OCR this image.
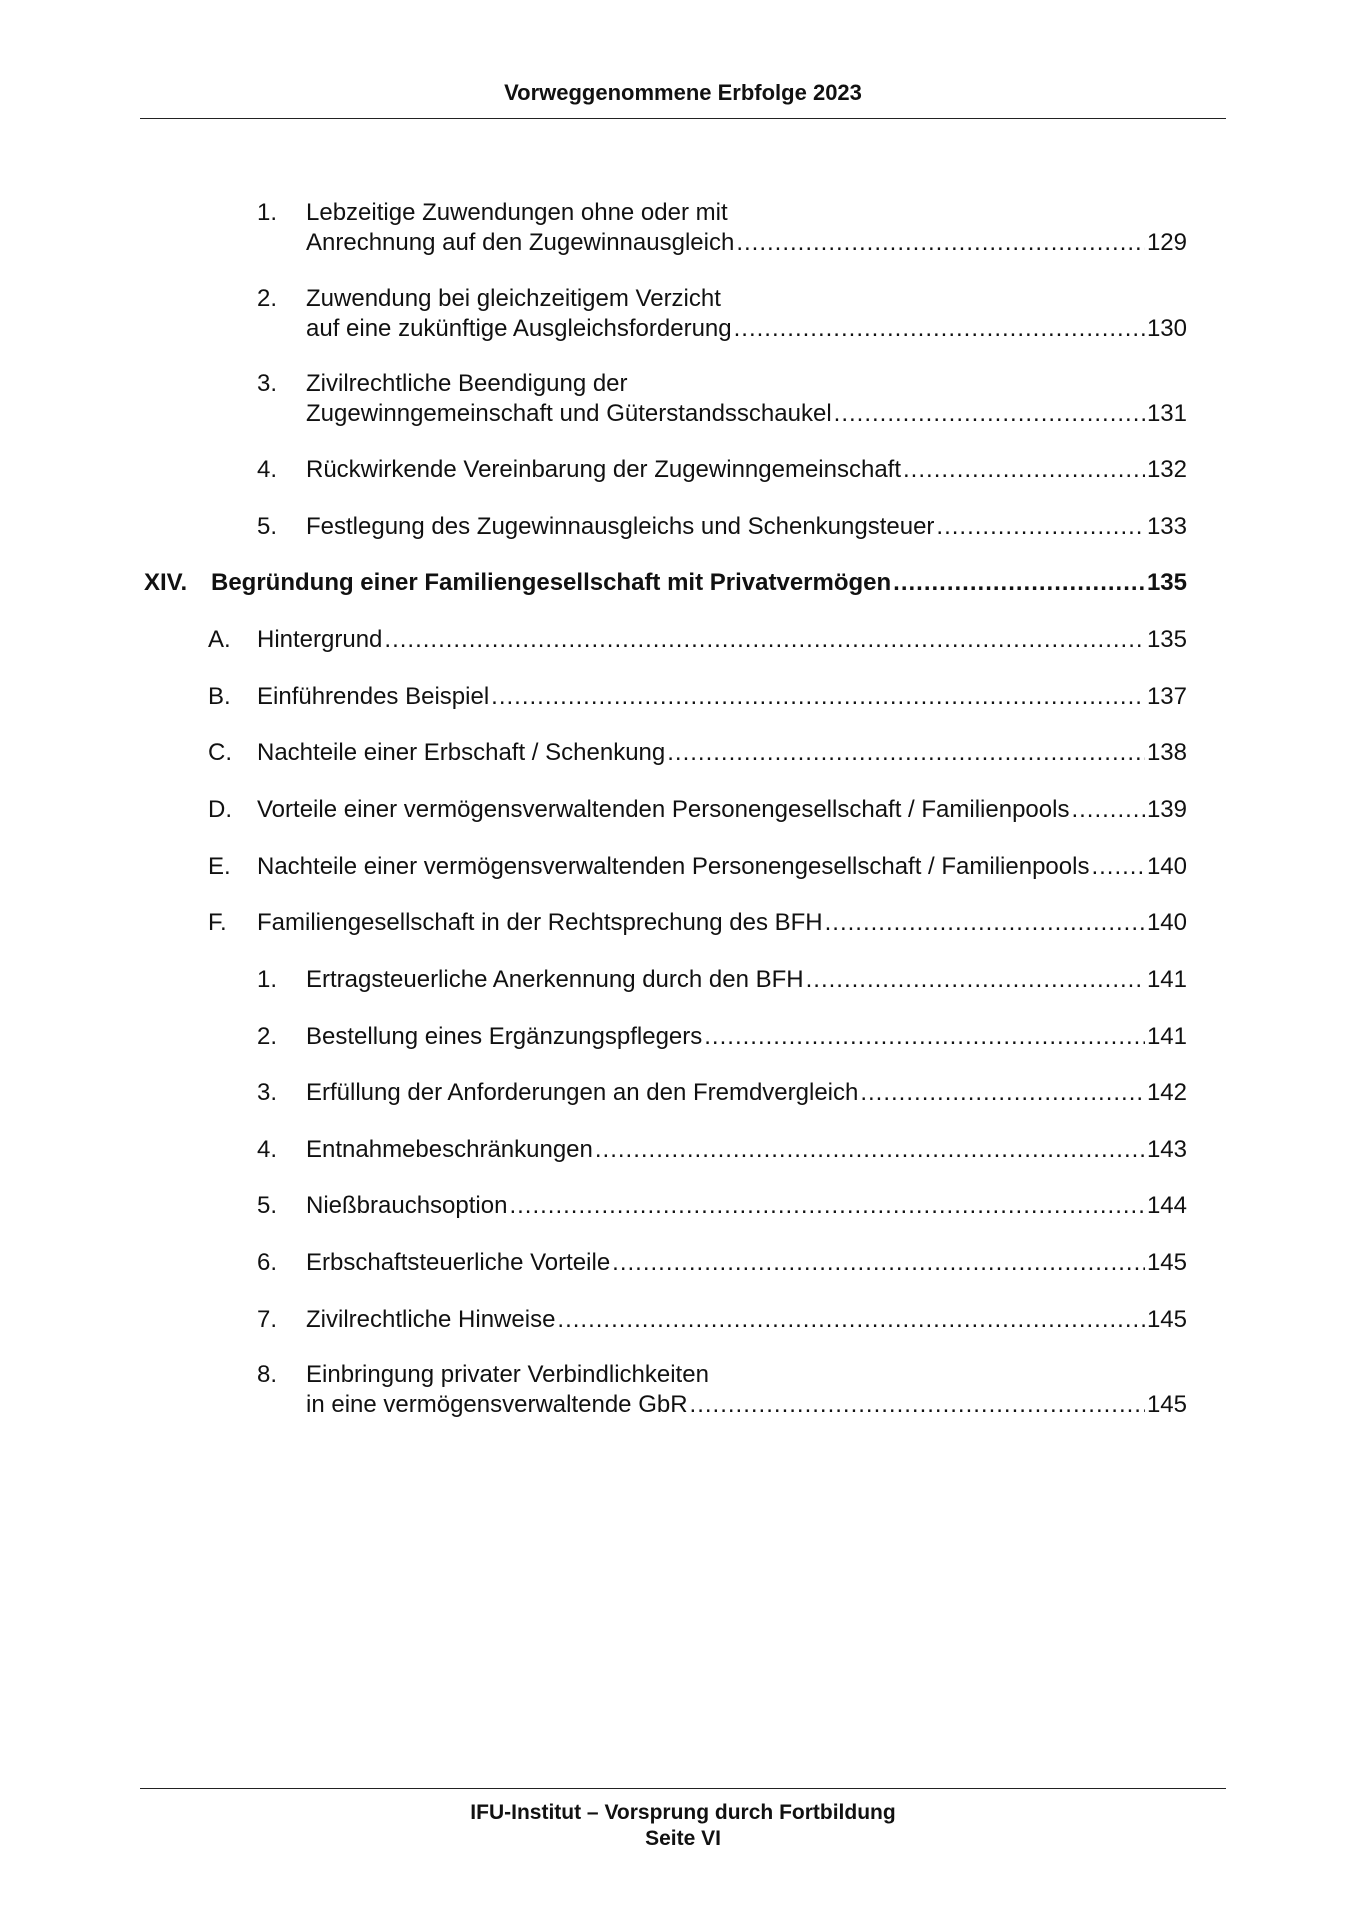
Vorweggenommene Erbfolge 2023
1. Lebzeitige Zuwendungen ohne oder mit
Anrechnung auf den Zugewinnausgleich .....	129
2. Zuwendung bei gleichzeitigem Verzicht
auf eine zukünftige Ausgleichsforderung .....	130
3. Zivilrechtliche Beendigung der
Zugewinngemeinschaft und Güterstandsschaukel .....	131
4. Rückwirkende Vereinbarung der Zugewinngemeinschaft .....	132
5. Festlegung des Zugewinnausgleichs und Schenkungsteuer .....	133
XIV. Begründung einer Familiengesellschaft mit Privatvermögen .....	135
A. Hintergrund .....	135
B. Einführendes Beispiel .....	137
C. Nachteile einer Erbschaft / Schenkung .....	138
D. Vorteile einer vermögensverwaltenden Personengesellschaft / Familienpools .....	139
E. Nachteile einer vermögensverwaltenden Personengesellschaft / Familienpools ..... 140
F. Familiengesellschaft in der Rechtsprechung des BFH .....	140
1. Ertragsteuerliche Anerkennung durch den BFH .....	141
2. Bestellung eines Ergänzungspflegers .....	141
3. Erfüllung der Anforderungen an den Fremdvergleich .....	142
4. Entnahmebeschränkungen .....	143
5. Nießbrauchsoption .....	144
6. Erbschaftsteuerliche Vorteile .....	145
7. Zivilrechtliche Hinweise .....	145
8. Einbringung privater Verbindlichkeiten
in eine vermögensverwaltende GbR .....	145
IFU-Institut – Vorsprung durch Fortbildung
Seite VI
